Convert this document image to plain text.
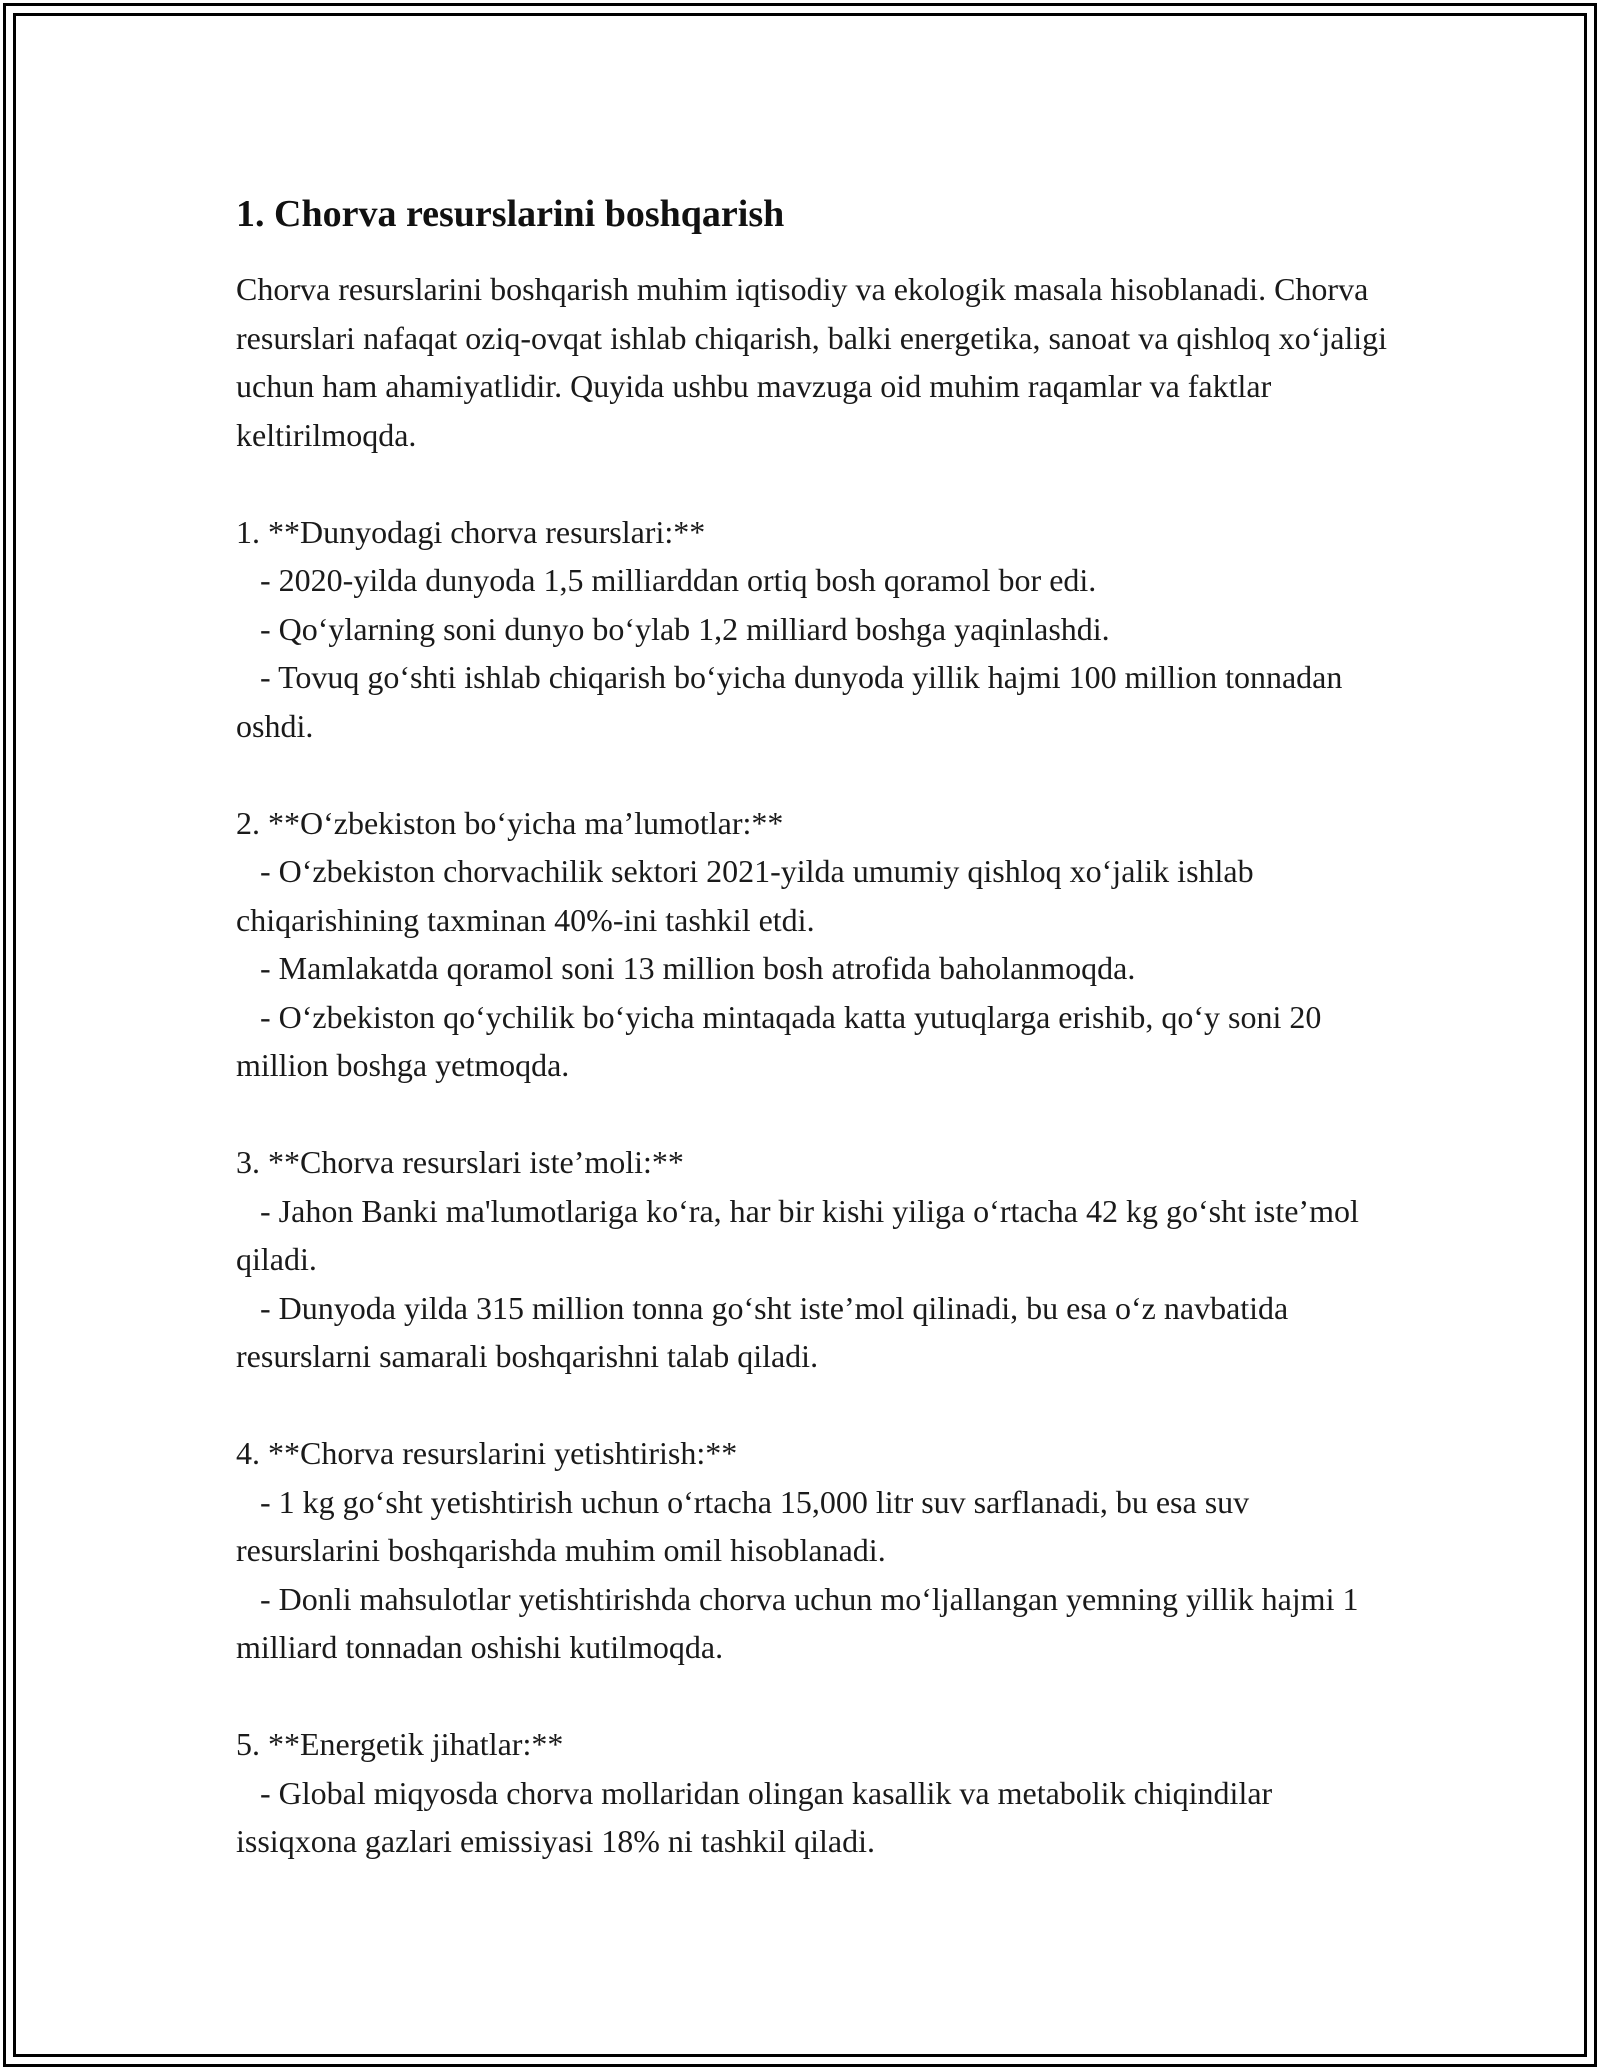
1. Chorva resurslarini boshqarish

Chorva resurslarini boshqarish muhim iqtisodiy va ekologik masala hisoblanadi. Chorva resurslari nafaqat oziq-ovqat ishlab chiqarish, balki energetika, sanoat va qishloq xo‘jaligi uchun ham ahamiyatlidir. Quyida ushbu mavzuga oid muhim raqamlar va faktlar keltirilmoqda.

1. **Dunyodagi chorva resurslari:**

- 2020-yilda dunyoda 1,5 milliarddan ortiq bosh qoramol bor edi.

- Qo‘ylarning soni dunyo bo‘ylab 1,2 milliard boshga yaqinlashdi.

- Tovuq go‘shti ishlab chiqarish bo‘yicha dunyoda yillik hajmi 100 million tonnadan oshdi.

2. **O‘zbekiston bo‘yicha ma’lumotlar:**

- O‘zbekiston chorvachilik sektori 2021-yilda umumiy qishloq xo‘jalik ishlab chiqarishining taxminan 40%-ini tashkil etdi.

- Mamlakatda qoramol soni 13 million bosh atrofida baholanmoqda.

- O‘zbekiston qo‘ychilik bo‘yicha mintaqada katta yutuqlarga erishib, qo‘y soni 20 million boshga yetmoqda.

3. **Chorva resurslari iste’moli:**

- Jahon Banki ma'lumotlariga ko‘ra, har bir kishi yiliga o‘rtacha 42 kg go‘sht iste’mol qiladi.

- Dunyoda yilda 315 million tonna go‘sht iste’mol qilinadi, bu esa o‘z navbatida resurslarni samarali boshqarishni talab qiladi.

4. **Chorva resurslarini yetishtirish:**

- 1 kg go‘sht yetishtirish uchun o‘rtacha 15,000 litr suv sarflanadi, bu esa suv resurslarini boshqarishda muhim omil hisoblanadi.

- Donli mahsulotlar yetishtirishda chorva uchun mo‘ljallangan yemning yillik hajmi 1 milliard tonnadan oshishi kutilmoqda.

5. **Energetik jihatlar:**

- Global miqyosda chorva mollaridan olingan kasallik va metabolik chiqindilar issiqxona gazlari emissiyasi 18% ni tashkil qiladi.
